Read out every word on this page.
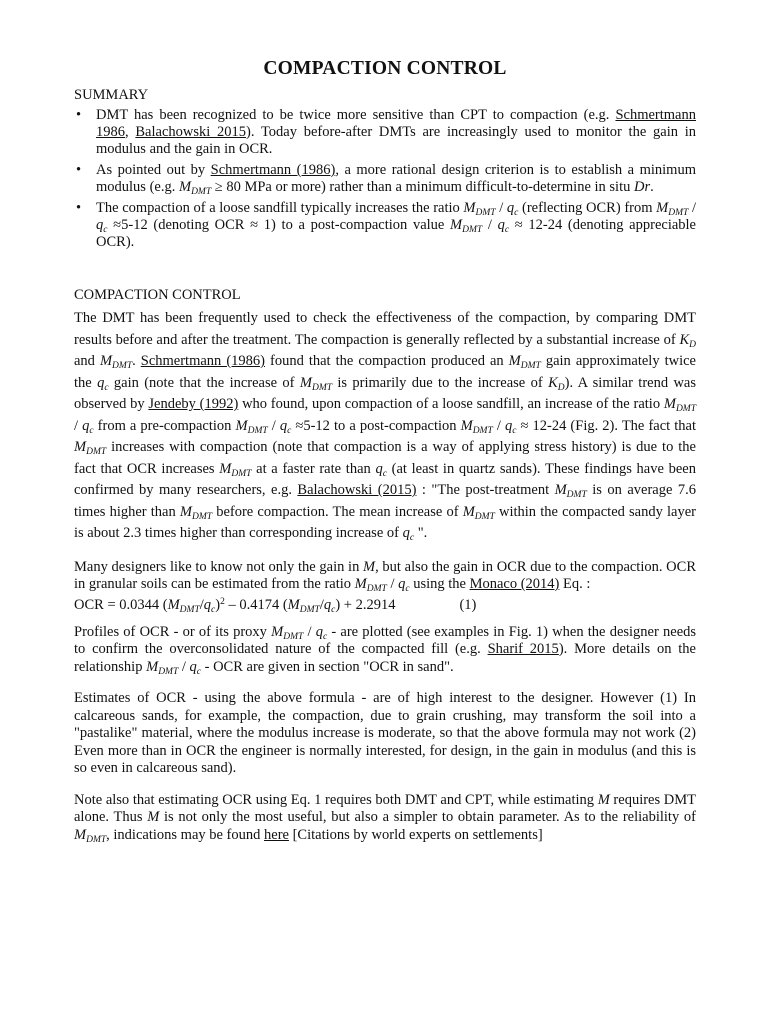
COMPACTION CONTROL
SUMMARY
• DMT has been recognized to be twice more sensitive than CPT to compaction (e.g. Schmertmann 1986, Balachowski 2015). Today before-after DMTs are increasingly used to monitor the gain in modulus and the gain in OCR.
• As pointed out by Schmertmann (1986), a more rational design criterion is to establish a minimum modulus (e.g. $M_{DMT} \ge 80$ MPa or more) rather than a minimum difficult-to-determine in situ Dr.
• The compaction of a loose sandfill typically increases the ratio $M_{DMT} / q_c$ (reflecting OCR) from $M_{DMT} / q_c \approx 5-12$ (denoting OCR ≈ 1) to a post-compaction value $M_{DMT} / q_c \approx 12-24$ (denoting appreciable OCR).
COMPACTION CONTROL

The DMT has been frequently used to check the effectiveness of the compaction, by comparing DMT results before and after the treatment. The compaction is generally reflected by a substantial increase of $K_D$ and $M_{DMT}$. Schmertmann (1986) found that the compaction produced an $M_{DMT}$ gain approximately twice the $q_c$ gain (note that the increase of $M_{DMT}$ is primarily due to the increase of $K_D$). A similar trend was observed by Jendeby (1992) who found, upon compaction of a loose sandfill, an increase of the ratio $M_{DMT} / q_c$ from a pre-compaction $M_{DMT} / q_c \approx 5-12$ to a post-compaction $M_{DMT} / q_c \approx 12-24$ (Fig. 2). The fact that $M_{DMT}$ increases with compaction (note that compaction is a way of applying stress history) is due to the fact that OCR increases $M_{DMT}$ at a faster rate than $q_c$ (at least in quartz sands). These findings have been confirmed by many researchers, e.g. Balachowski (2015) : "The post-treatment $M_{DMT}$ is on average 7.6 times higher than $M_{DMT}$ before compaction. The mean increase of $M_{DMT}$ within the compacted sandy layer is about 2.3 times higher than corresponding increase of $q_c$ ".

Many designers like to know not only the gain in M, but also the gain in OCR due to the compaction. OCR in granular soils can be estimated from the ratio $M_{DMT} / q_c$ using the Monaco (2014) Eq. :

OCR = 0.0344 $(M_{DMT}/q_c)^2 - 0.4174$ $(M_{DMT}/q_c) + 2.2914$	(1)

Profiles of OCR - or of its proxy $M_{DMT} / q_c$ - are plotted (see examples in Fig. 1) when the designer needs to confirm the overconsolidated nature of the compacted fill (e.g. Sharif 2015). More details on the relationship $M_{DMT} / q_c$ - OCR are given in section "OCR in sand".

Estimates of OCR - using the above formula - are of high interest to the designer. However (1) In calcareous sands, for example, the compaction, due to grain crushing, may transform the soil into a "pastalike" material, where the modulus increase is moderate, so that the above formula may not work (2) Even more than in OCR the engineer is normally interested, for design, in the gain in modulus (and this is so even in calcareous sand).

Note also that estimating OCR using Eq. 1 requires both DMT and CPT, while estimating M requires DMT alone. Thus M is not only the most useful, but also a simpler to obtain parameter. As to the reliability of $M_{DMT}$, indications may be found here [Citations by world experts on settlements]
